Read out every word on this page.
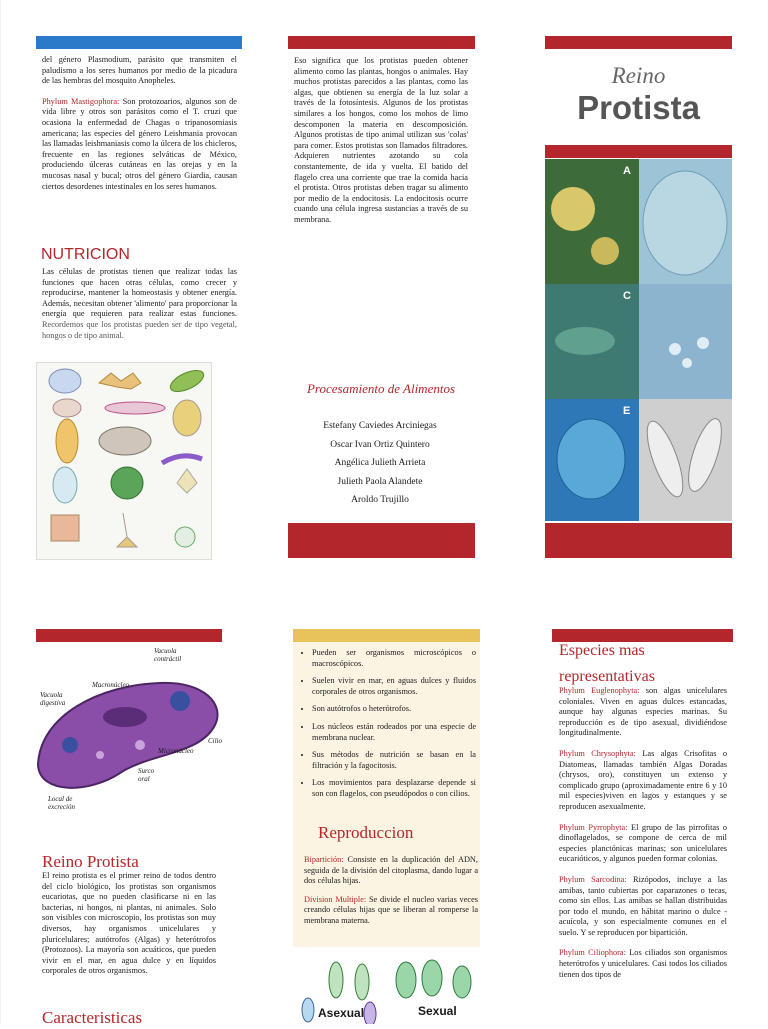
del género Plasmodium, parásito que transmiten el paludismo a los seres humanos por medio de la picadura de las hembras del mosquito Anopheles.

Phylum Mastigophora: Son protozoarios, algunos son de vida libre y otros son parásitos como el T. cruzi que ocasiona la enfermedad de Chagas o tripanosomiasis americana; las especies del género Leishmania provocan las llamadas leishmaniasis como la úlcera de los chicleros, frecuente en las regiones selváticas de México, produciendo úlceras cutáneas en las orejas y en la mucosas nasal y bucal; otros del género Giardia, causan ciertos desordenes intestinales en los seres humanos.

NUTRICION
Las células de protistas tienen que realizar todas las funciones que hacen otras células, como crecer y reproducirse, mantener la homeostasis y obtener energía. Además, necesitan obtener 'alimento' para proporcionar la energía que requieren para realizar estas funciones. Recordemos que los protistas pueden ser de tipo vegetal, hongos o de tipo animal.
Eso significa que los protistas pueden obtener alimento como las plantas, hongos o animales. Hay muchos protistas parecidos a las plantas, como las algas, que obtienen su energía de la luz solar a través de la fotosíntesis. Algunos de los protistas similares a los hongos, como los mohos de limo descomponen la materia en descomposición. Algunos protistas de tipo animal utilizan sus 'colas' para comer. Estos protistas son llamados filtradores. Adquieren nutrientes azotando su cola constantemente, de ida y vuelta. El batido del flagelo crea una corriente que trae la comida hacia el protista. Otros protistas deben tragar su alimento por medio de la endocitosis. La endocitosis ocurre cuando una célula ingresa sustancias a través de su membrana.
Procesamiento de Alimentos
Estefany Caviedes Arciniegas
Oscar Ivan Ortiz Quintero
Angélica Julieth Arrieta
Julieth Paola Alandete
Aroldo Trujillo
Reino
Protista
A
C
E
Vacuola contráctil
Macronúcleo
Vacuola digestiva
Cilio
Micronúcleo
Surco oral
Local de excreción
Reino Protista
El reino protista es el primer reino de todos dentro del ciclo biológico, los protistas son organismos eucariotas, que no pueden clasificarse ni en las bacterias, ni hongos, ni plantas, ni animales. Solo son visibles con microscopio, los protistas son muy diversos, hay organismos unicelulares y pluricelulares; autótrofos (Algas) y heterótrofos (Protozoos). La mayoría son acuáticos, que pueden vivir en el mar, en agua dulce y en líquidos corporales de otros organismos.
Caracteristicas
• Pueden ser organismos microscópicos o macroscópicos.
• Suelen vivir en mar, en aguas dulces y fluidos corporales de otros organismos.
• Son autótrofos o heterótrofos.
• Los núcleos están rodeados por una especie de membrana nuclear.
• Sus métodos de nutrición se basan en la filtración y la fagocitosis.
• Los movimientos para desplazarse depende si son con flagelos, con pseudópodos o con cilios.
Reproduccion

Bipartición: Consiste en la duplicación del ADN, seguida de la división del citoplasma, dando lugar a dos células hijas.

Division Multiple: Se divide el nucleo varias veces creando células hijas que se liberan al romperse la membrana materna.

Asexual	Sexual
Especies mas representativas

Phylum Euglenophyta: son algas unicelulares coloniales. Viven en aguas dulces estancadas, aunque hay algunas especies marinas. Su reproducción es de tipo asexual, dividiéndose longitudinalmente.

Phylum Chrysophyta: Las algas Crisofitas o Diatomeas, llamadas también Algas Doradas (chrysos, oro), constituyen un extenso y complicado grupo (aproximadamente entre 6 y 10 mil especies)viven en lagos y estanques y se reproducen asexualmente.

Phylum Pyrrophyta: El grupo de las pirrofitas o dinoflagelados, se compone de cerca de mil especies planctónicas marinas; son unicelulares eucarióticos, y algunos pueden formar colonias.

Phylum Sarcodina: Rizópodos, incluye a las amibas, tanto cubiertas por caparazones o tecas, como sin ellos. Las amibas se hallan distribuidas por todo el mundo, en hábitat marino o dulce - acuícola, y son especialmente comunes en el suelo. Y se reproducen por bipartición.

Phylum Ciliophora: Los ciliados son organismos heterótrofos y unicelulares. Casi todos los ciliados tienen dos tipos de
